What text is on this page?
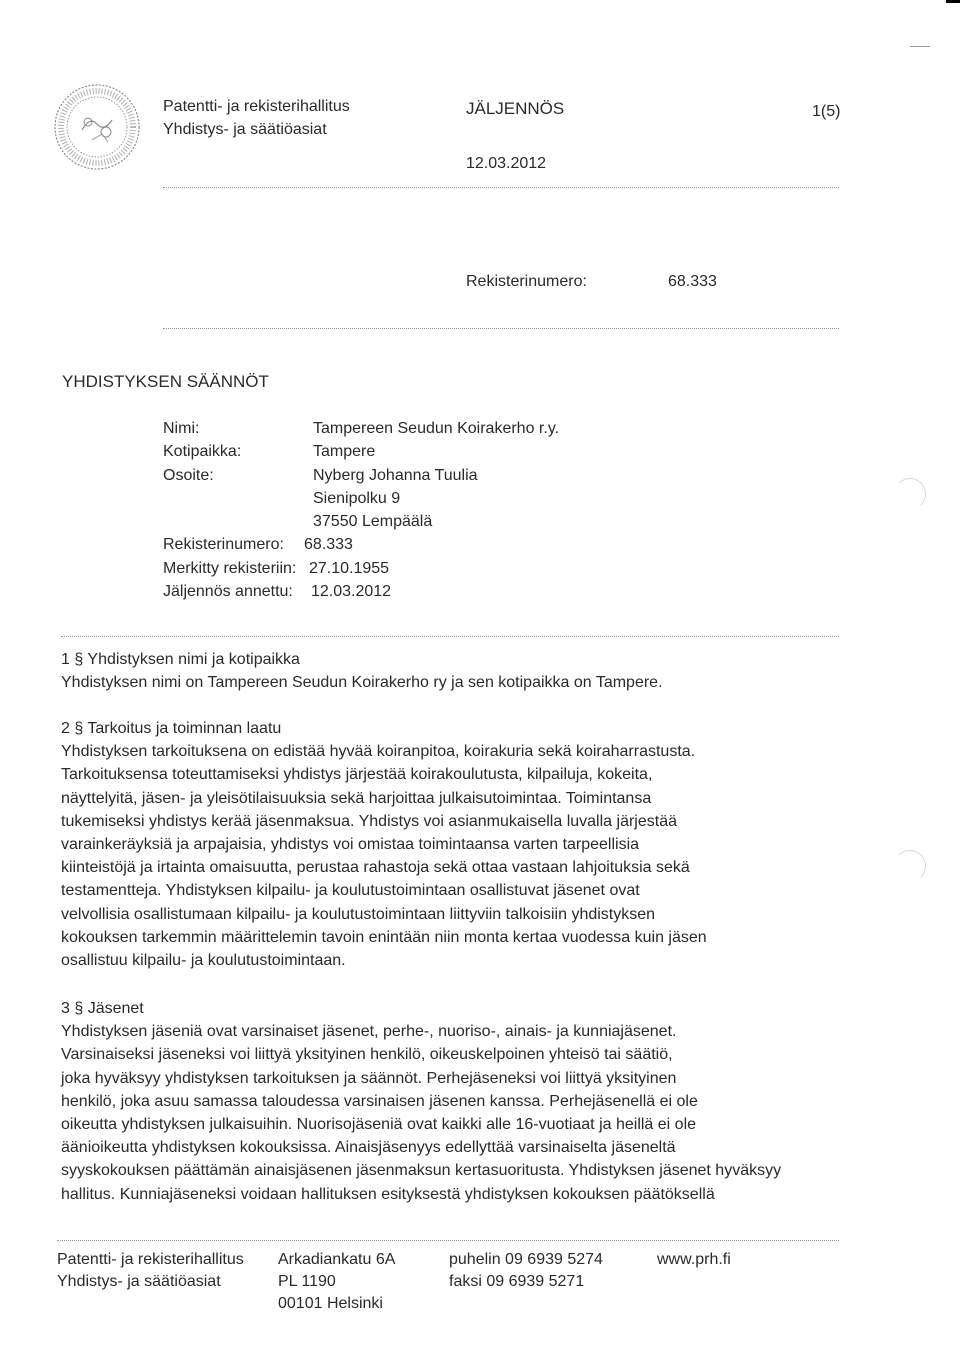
Patentti- ja rekisterihallitus
Yhdistys- ja säätiöasiat
JÄLJENNÖS	1(5)
12.03.2012
Rekisterinumero:	68.333
YHDISTYKSEN SÄÄNNÖT
Nimi:	Tampereen Seudun Koirakerho r.y.
Kotipaikka:	Tampere
Osoite:	Nyberg Johanna Tuulia
Sienipolku 9
37550 Lempäälä
Rekisterinumero: 68.333
Merkitty rekisteriin: 27.10.1955
Jäljennös annettu: 12.03.2012

1 § Yhdistyksen nimi ja kotipaikka

Yhdistyksen nimi on Tampereen Seudun Koirakerho ry ja sen kotipaikka on Tampere.

2 § Tarkoitus ja toiminnan laatu

Yhdistyksen tarkoituksena on edistää hyvää koiranpitoa, koirakuria sekä koiraharrastusta.

Tarkoituksensa toteuttamiseksi yhdistys järjestää koirakoulutusta, kilpailuja, kokeita,

näyttelyitä, jäsen- ja yleisötilaisuuksia sekä harjoittaa julkaisutoimintaa. Toimintansa

tukemiseksi yhdistys kerää jäsenmaksua. Yhdistys voi asianmukaisella luvalla järjestää

varainkeräyksiä ja arpajaisia, yhdistys voi omistaa toimintaansa varten tarpeellisia

kiinteistöjä ja irtainta omaisuutta, perustaa rahastoja sekä ottaa vastaan lahjoituksia sekä

testamentteja. Yhdistyksen kilpailu- ja koulutustoimintaan osallistuvat jäsenet ovat

velvollisia osallistumaan kilpailu- ja koulutustoimintaan liittyviin talkoisiin yhdistyksen

kokouksen tarkemmin määrittelemin tavoin enintään niin monta kertaa vuodessa kuin jäsen

osallistuu kilpailu- ja koulutustoimintaan.

3 § Jäsenet

Yhdistyksen jäseniä ovat varsinaiset jäsenet, perhe-, nuoriso-, ainais- ja kunniajäsenet.

Varsinaiseksi jäseneksi voi liittyä yksityinen henkilö, oikeuskelpoinen yhteisö tai säätiö,

joka hyväksyy yhdistyksen tarkoituksen ja säännöt. Perhejäseneksi voi liittyä yksityinen

henkilö, joka asuu samassa taloudessa varsinaisen jäsenen kanssa. Perhejäsenellä ei ole

oikeutta yhdistyksen julkaisuihin. Nuorisojäseniä ovat kaikki alle 16-vuotiaat ja heillä ei ole

äänioikeutta yhdistyksen kokouksissa. Ainaisjäsenyys edellyttää varsinaiselta jäseneltä

syyskokouksen päättämän ainaisjäsenen jäsenmaksun kertasuoritusta. Yhdistyksen jäsenet hyväksyy

hallitus. Kunniajäseneksi voidaan hallituksen esityksestä yhdistyksen kokouksen päätöksellä

Patentti- ja rekisterihallitus
Yhdistys- ja säätiöasiat
Arkadiankatu 6A
PL 1190
00101 Helsinki
puhelin 09 6939 5274
faksi 09 6939 5271
www.prh.fi
